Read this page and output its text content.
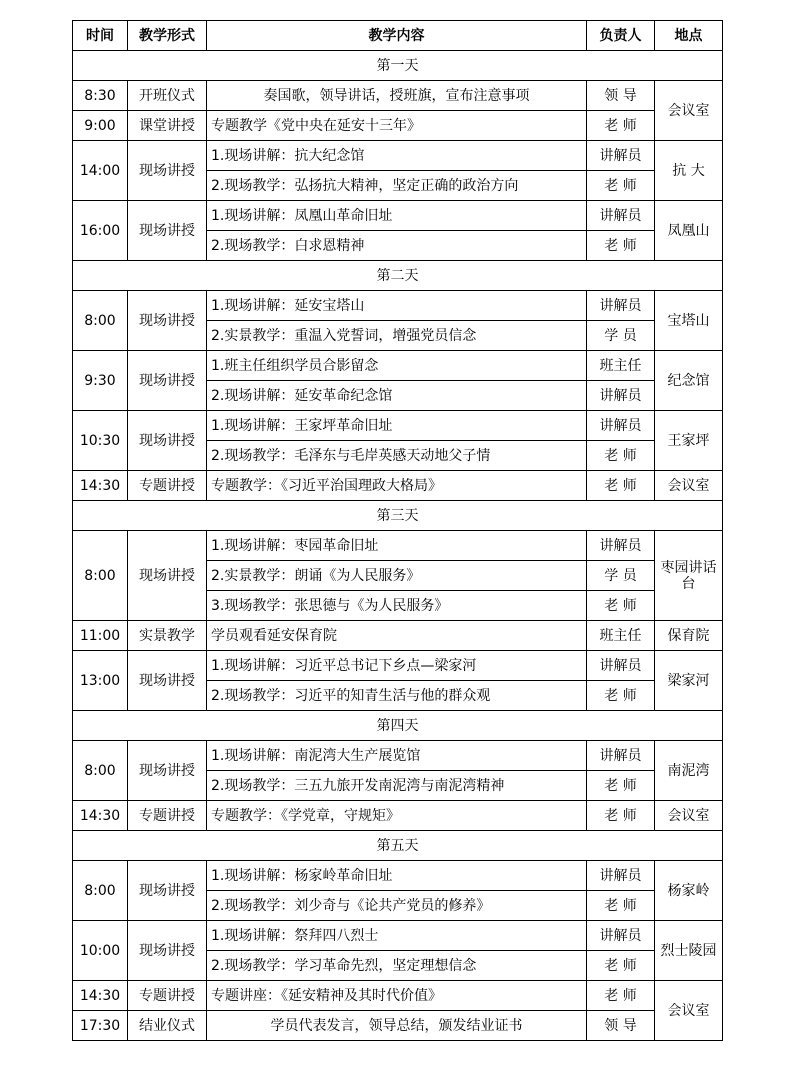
时间	教学形式	教学内容	负责人	地点
第一天				
8:30	开班仪式	奏国歌，领导讲话，授班旗，宣布注意事项	领 导	会议室
9:00	课堂讲授	专题教学《党中央在延安十三年》	老 师	
14:00	现场讲授	1.现场讲解：抗大纪念馆	讲解员	抗 大
		2.现场教学：弘扬抗大精神，坚定正确的政治方向	老 师	
16:00	现场讲授	1.现场讲解：凤凰山革命旧址	讲解员	凤凰山
		2.现场教学：白求恩精神	老 师	
第二天				
8:00	现场讲授	1.现场讲解：延安宝塔山	讲解员	宝塔山
		2.实景教学：重温入党誓词，增强党员信念	学 员	
9:30	现场讲授	1.班主任组织学员合影留念	班主任	纪念馆
		2.现场讲解：延安革命纪念馆	讲解员	
10:30	现场讲授	1.现场讲解：王家坪革命旧址	讲解员	王家坪
		2.现场教学：毛泽东与毛岸英感天动地父子情	老 师	
14:30	专题讲授	专题教学：《习近平治国理政大格局》	老 师	会议室
第三天				
8:00	现场讲授	1.现场讲解：枣园革命旧址	讲解员	枣园讲话台
		2.实景教学：朗诵《为人民服务》	学 员	
		3.现场教学：张思德与《为人民服务》	老 师	
11:00	实景教学	学员观看延安保育院	班主任	保育院
13:00	现场讲授	1.现场讲解：习近平总书记下乡点—梁家河	讲解员	梁家河
		2.现场教学：习近平的知青生活与他的群众观	老 师	
第四天				
8:00	现场讲授	1.现场讲解：南泥湾大生产展览馆	讲解员	南泥湾
		2.现场教学：三五九旅开发南泥湾与南泥湾精神	老 师	
14:30	专题讲授	专题教学：《学党章，守规矩》	老 师	会议室
第五天				
8:00	现场讲授	1.现场讲解：杨家岭革命旧址	讲解员	杨家岭
		2.现场教学：刘少奇与《论共产党员的修养》	老 师	
10:00	现场讲授	1.现场讲解：祭拜四八烈士	讲解员	烈士陵园
		2.现场教学：学习革命先烈，坚定理想信念	老 师	
14:30	专题讲授	专题讲座：《延安精神及其时代价值》	老 师	会议室
17:30	结业仪式	学员代表发言，领导总结，颁发结业证书	领 导	
